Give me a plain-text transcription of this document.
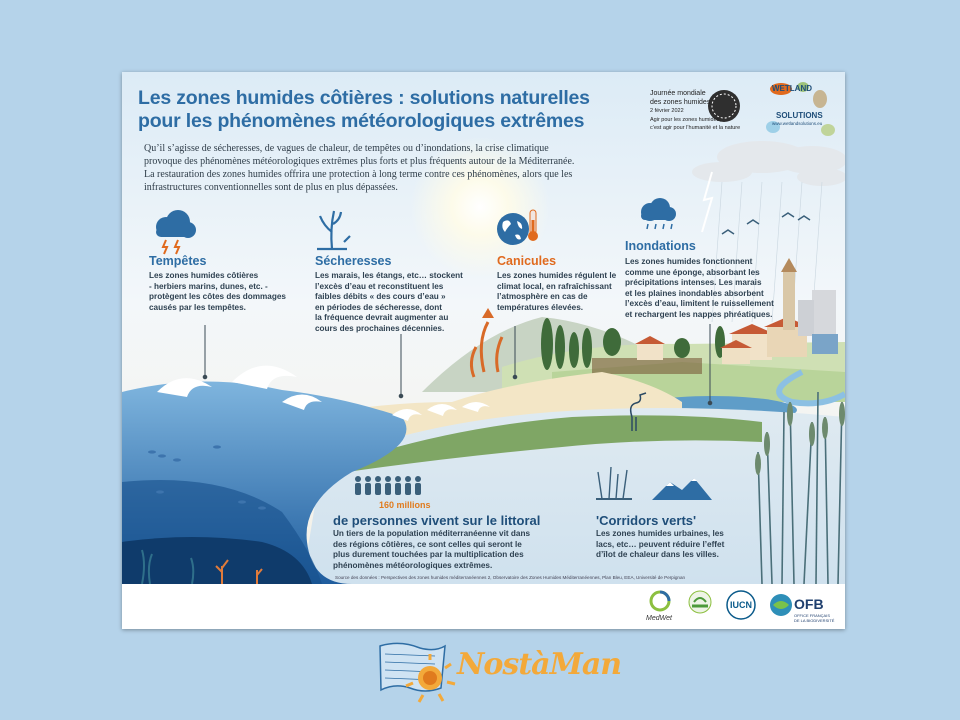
Les zones humides côtières : solutions naturelles
pour les phénomènes météorologiques extrêmes
Qu’il s’agisse de sécheresses, de vagues de chaleur, de tempêtes ou d’inondations, la crise climatique
provoque des phénomènes météorologiques extrêmes plus forts et plus fréquents autour de la Méditerranée.
La restauration des zones humides offrira une protection à long terme contre ces phénomènes, alors que les
infrastructures conventionnelles sont de plus en plus dépassées.
Journée mondiale
des zones humides
2 février 2022
Agir pour les zones humides,
c’est agir pour l’humanité et la nature
WETLAND
SOLUTIONS
www.wetlandsolutions.eu
Tempêtes
Les zones humides côtières
- herbiers marins, dunes, etc. -
protègent les côtes des dommages
causés par les tempêtes.
Sécheresses
Les marais, les étangs, etc… stockent
l’excès d’eau et reconstituent les
faibles débits « des cours d’eau »
en périodes de sécheresse, dont
la fréquence devrait augmenter au
cours des prochaines décennies.
Canicules
Les zones humides régulent le
climat local, en rafraîchissant
l’atmosphère en cas de
températures élevées.
Inondations
Les zones humides fonctionnent
comme une éponge, absorbant les
précipitations intenses. Les marais
et les plaines inondables absorbent
l’excès d’eau, limitent le ruissellement
et rechargent les nappes phréatiques.
160 millions
de personnes vivent sur le littoral
Un tiers de la population méditerranéenne vit dans
des régions côtières, ce sont celles qui seront le
plus durement touchées par la multiplication des
phénomènes météorologiques extrêmes.
'Corridors verts'
Les zones humides urbaines, les
lacs, etc… peuvent réduire l’effet
d’îlot de chaleur dans les villes.
Source des données : Perspectives des zones humides méditerranéennes 2, Observatoire des Zones Humides Méditerranéennes, Plan Bleu, EEA, Université de Perpignan
MedWet
IUCN	OFB
OFFICE FRANÇAIS
DE LA BIODIVERSITÉ
NostàMan
